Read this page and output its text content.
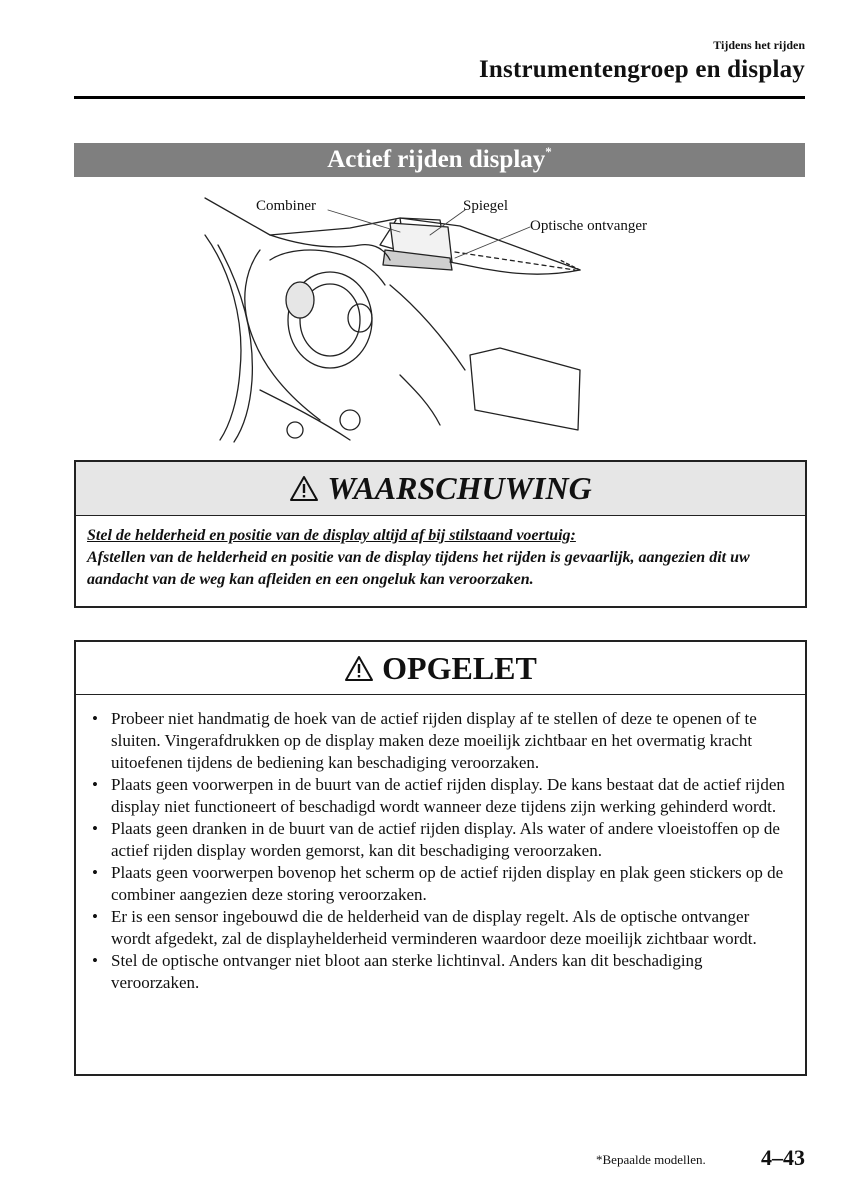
Tijdens het rijden
Instrumentengroep en display
Actief rijden display*
Combiner	Spiegel
Optische ontvanger
WAARSCHUWING
Stel de helderheid en positie van de display altijd af bij stilstaand voertuig:
Afstellen van de helderheid en positie van de display tijdens het rijden is gevaarlijk, aangezien dit uw aandacht van de weg kan afleiden en een ongeluk kan veroorzaken.
OPGELET
• Probeer niet handmatig de hoek van de actief rijden display af te stellen of deze te openen of te sluiten. Vingerafdrukken op de display maken deze moeilijk zichtbaar en het overmatig kracht uitoefenen tijdens de bediening kan beschadiging veroorzaken.
• Plaats geen voorwerpen in de buurt van de actief rijden display. De kans bestaat dat de actief rijden display niet functioneert of beschadigd wordt wanneer deze tijdens zijn werking gehinderd wordt.
• Plaats geen dranken in de buurt van de actief rijden display. Als water of andere vloeistoffen op de actief rijden display worden gemorst, kan dit beschadiging veroorzaken.
• Plaats geen voorwerpen bovenop het scherm op de actief rijden display en plak geen stickers op de combiner aangezien deze storing veroorzaken.
• Er is een sensor ingebouwd die de helderheid van de display regelt. Als de optische ontvanger wordt afgedekt, zal de displayhelderheid verminderen waardoor deze moeilijk zichtbaar wordt.
• Stel de optische ontvanger niet bloot aan sterke lichtinval. Anders kan dit beschadiging veroorzaken.
*Bepaalde modellen.	4–43
